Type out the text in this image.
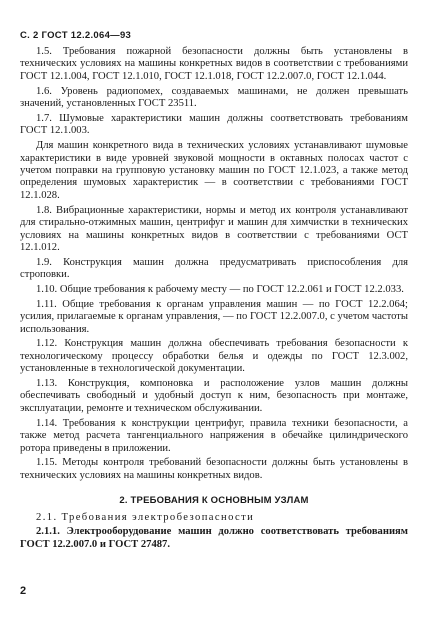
С. 2 ГОСТ 12.2.064—93

1.5. Требования пожарной безопасности должны быть установлены в технических условиях на машины конкретных видов в соответствии с требованиями ГОСТ 12.1.004, ГОСТ 12.1.010, ГОСТ 12.1.018, ГОСТ 12.2.007.0, ГОСТ 12.1.044.

1.6. Уровень радиопомех, создаваемых машинами, не должен превышать значений, установленных ГОСТ 23511.

1.7. Шумовые характеристики машин должны соответствовать требованиям ГОСТ 12.1.003.

Для машин конкретного вида в технических условиях устанавливают шумовые характеристики в виде уровней звуковой мощности в октавных полосах частот с учетом поправки на групповую установку машин по ГОСТ 12.1.023, а также метод определения шумовых характеристик — в соответствии с требованиями ГОСТ 12.1.028.

1.8. Вибрационные характеристики, нормы и метод их контроля устанавливают для стирально-отжимных машин, центрифуг и машин для химчистки в технических условиях на машины конкретных видов в соответствии с требованиями ОСТ 12.1.012.

1.9. Конструкция машин должна предусматривать приспособления для строповки.

1.10. Общие требования к рабочему месту — по ГОСТ 12.2.061 и ГОСТ 12.2.033.

1.11. Общие требования к органам управления машин — по ГОСТ 12.2.064; усилия, прилагаемые к органам управления, — по ГОСТ 12.2.007.0, с учетом частоты использования.

1.12. Конструкция машин должна обеспечивать требования безопасности к технологическому процессу обработки белья и одежды по ГОСТ 12.3.002, установленные в технологической документации.

1.13. Конструкция, компоновка и расположение узлов машин должны обеспечивать свободный и удобный доступ к ним, безопасность при монтаже, эксплуатации, ремонте и техническом обслуживании.

1.14. Требования к конструкции центрифуг, правила техники безопасности, а также метод расчета тангенциального напряжения в обечайке цилиндрического ротора приведены в приложении.

1.15. Методы контроля требований безопасности должны быть установлены в технических условиях на машины конкретных видов.

2. ТРЕБОВАНИЯ К ОСНОВНЫМ УЗЛАМ

2.1. Требования электробезопасности

2.1.1. Электрооборудование машин должно соответствовать требованиям ГОСТ 12.2.007.0 и ГОСТ 27487.

2
